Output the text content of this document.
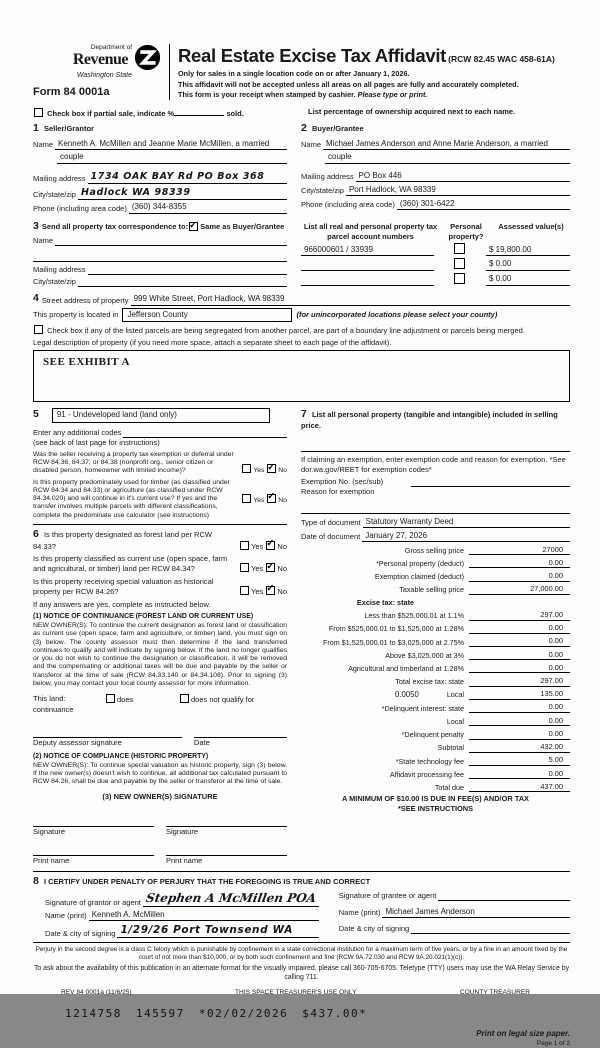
Department of
Revenue
Washington State
Form 84 0001a
Real Estate Excise Tax Affidavit (RCW 82.45 WAC 458-61A)
Only for sales in a single location code on or after January 1, 2026.
This affidavit will not be accepted unless all areas on all pages are fully and accurately completed.
This form is your receipt when stamped by cashier. Please type or print.
Check box if partial sale, indicate %	sold.	List percentage of ownership acquired next to each name.
1 Seller/Grantor
Name Kenneth A. McMillen and Jeanne Marie McMillen, a married
couple
Mailing address 1734 OAK BAY Rd PO Box 368
City/state/zip Hadlock WA 98339
Phone (including area code) (360) 344-8355
2 Buyer/Grantee
Name Michael James Anderson and Anne Marie Anderson, a married
couple
Mailing address PO Box 446
City/state/zip Port Hadlock, WA 98339
Phone (including area code) (360) 301-6422
3 Send all property tax correspondence to:
✓ Same as Buyer/Grantee
Name
Mailing address
City/state/zip
List all real and personal property tax parcel account numbers
Personal property?
Assessed value(s)
966000601 / 33939	$ 19,800.00
$ 0.00
$ 0.00
4 Street address of property 999 White Street, Port Hadlock, WA 98339
This property is located in	Jefferson County	(for unincorporated locations please select your county)
Check box if any of the listed parcels are being segregated from another parcel, are part of a boundary line adjustment or parcels being merged.
Legal description of property (if you need more space, attach a separate sheet to each page of the affidavit).
SEE EXHIBIT A
5	91 - Undeveloped land (land only)
Enter any additional codes
(see back of last page for instructions)
Was the seller receiving a property tax exemption or deferral under RCW 84.36, 84.37, or 84.38 (nonprofit org., senior citizen or disabled person, homeowner with limited income)?	Yes ✓ No
Is this property predominately used for timber (as classified under RCW 84.34 and 84.33) or agriculture (as classified under RCW 84.34.020) and will continue in it's current use? If yes and the transfer involves multiple parcels with different classifications, complete the predominate use calculator (see instructions)
Yes ✓ No
6 Is this property designated as forest land per RCW 84.33?	Yes ✓ No
Is this property classified as current use (open space, farm and agricultural, or timber) land per RCW 84.34?	Yes ✓ No
Is this property receiving special valuation as historical property per RCW 84.26?	Yes ✓ No
If any answers are yes, complete as instructed below.
(1) NOTICE OF CONTINUANCE (FOREST LAND OR CURRENT USE)
NEW OWNER(S): To continue the current designation as forest land or classification as current use (open space, farm and agriculture, or timber) land, you must sign on (3) below. The county assessor must then determine if the land transferred continues to qualify and will indicate by signing below. If the land no longer qualifies or you do not wish to continue the designation or classification, it will be removed and the compensating or additional taxes will be due and payable by the seller or transferor at the time of sale (RCW 84.33.140 or 84.34.108). Prior to signing (3) below, you may contact your local county assessor for more information.
This land:	does	does not qualify for
continuance
Deputy assessor signature	Date
(2) NOTICE OF COMPLIANCE (HISTORIC PROPERTY)
NEW OWNER(S): To continue special valuation as historic property, sign (3) below. If the new owner(s) doesn't wish to continue, all additional tax calculated pursuant to RCW 84.26, shall be due and payable by the seller or transferor at the time of sale.
(3) NEW OWNER(S) SIGNATURE
Signature	Signature
Print name	Print name
7 List all personal property (tangible and intangible) included in selling price.
If claiming an exemption, enter exemption code and reason for exemption. *See dor.wa.gov/REET for exemption codes*
Exemption No. (sec/sub)
Reason for exemption
Type of document Statutory Warranty Deed
Date of document January 27, 2026
Gross selling price	27000
*Personal property (deduct)	0.00
Exemption claimed (deduct)	0.00
Taxable selling price	27,000.00
Excise tax: state
Less than $525,000.01 at 1.1%	297.00
From $525,000.01 to $1,525,000 at 1.28%	0.00
From $1,525,000.01 to $3,025,000 at 2.75%	0.00
Above $3,025,000 at 3%	0.00
Agricultural and timberland at 1.28%	0.00
Total excise tax: state	297.00
0.0050	Local	135.00
*Delinquent interest: state	0.00
Local	0.00
*Delinquent penalty	0.00
Subtotal	432.00
*State technology fee	5.00
Affidavit processing fee	0.00
Total due	437.00
A MINIMUM OF $10.00 IS DUE IN FEE(S) AND/OR TAX
*SEE INSTRUCTIONS
8 I CERTIFY UNDER PENALTY OF PERJURY THAT THE FOREGOING IS TRUE AND CORRECT
Signature of grantor or agent Stephen A McMillen POA
Name (print) Kenneth A. McMillen
Date & city of signing 1/29/26 Port Townsend WA
Signature of grantee or agent
Name (print) Michael James Anderson
Date & city of signing
Perjury in the second degree is a class C felony which is punishable by confinement in a state correctional institution for a maximum term of five years, or by a fine in an amount fixed by the court of not more than $10,000, or by both such confinement and fine (RCW 9A.72.030 and RCW 9A.20.021(1)(c)).
To ask about the availability of this publication in an alternate format for the visually impaired, please call 360-705-6705. Teletype (TTY) users may use the WA Relay Service by calling 711.
REV 84 0001a (11/6/25)	THIS SPACE TREASURER'S USE ONLY	COUNTY TREASURER
1214758 145597 *02/02/2026 $437.00*
Print on legal size paper.
Page 1 of 2
